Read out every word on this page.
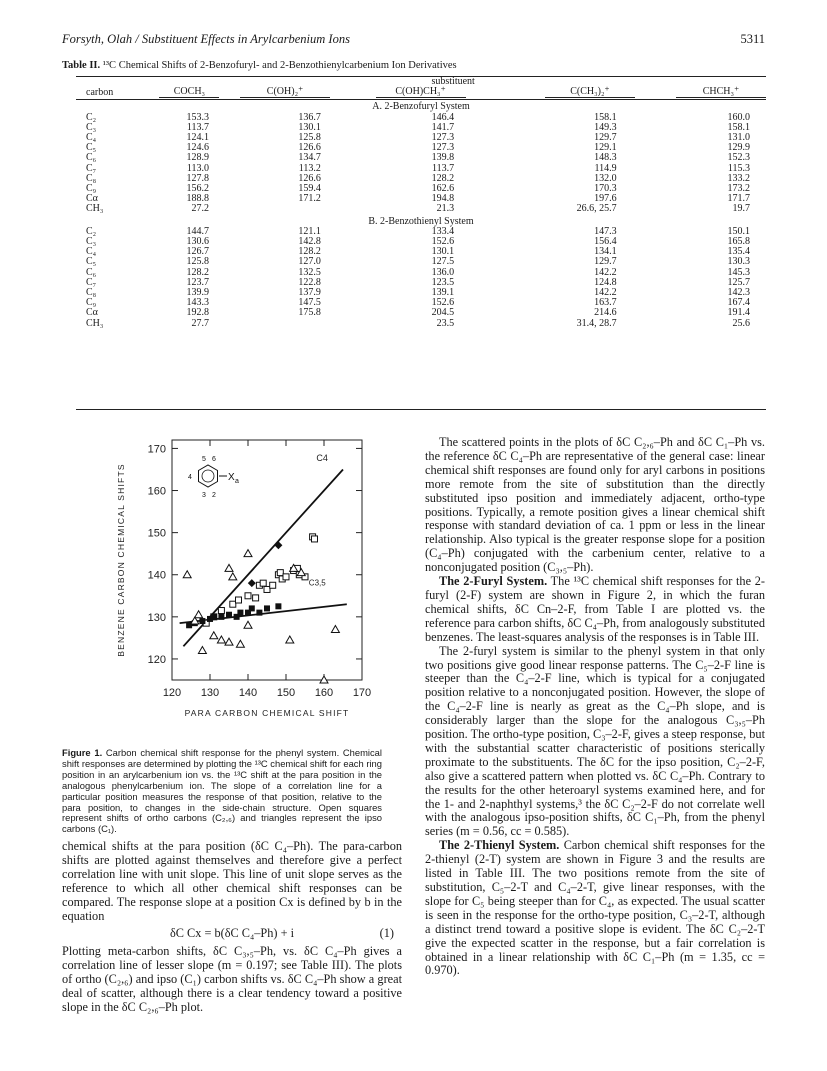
Forsyth, Olah / Substituent Effects in Arylcarbenium Ions	5311
Table II. ¹³C Chemical Shifts of 2-Benzofuryl- and 2-Benzothienylcarbenium Ion Derivatives
	substituent
carbon		COCH₃	C(OH)₂⁺	C(OH)CH₃⁺	C(CH₃)₂⁺	CHCH₃⁺

A. 2-Benzofuryl System
C₂	153.3	136.7	146.4	158.1	160.0
C₃	113.7	130.1	141.7	149.3	158.1
C₄	124.1	125.8	127.3	129.7	131.0
C₅	124.6	126.6	127.3	129.1	129.9
C₆	128.9	134.7	139.8	148.3	152.3
C₇	113.0	113.2	113.7	114.9	115.3
C₈	127.8	126.6	128.2	132.0	133.2
C₉	156.2	159.4	162.6	170.3	173.2
Cα	188.8	171.2	194.8	197.6	171.7
CH₃	27.2		21.3	26.6, 25.7	19.7
B. 2-Benzothienyl System
C₂	144.7	121.1	133.4	147.3	150.1
C₃	130.6	142.8	152.6	156.4	165.8
C₄	126.7	128.2	130.1	134.1	135.4
C₅	125.8	127.0	127.5	129.7	130.3
C₆	128.2	132.5	136.0	142.2	145.3
C₇	123.7	122.8	123.5	124.8	125.7
C₈	139.9	137.9	139.1	142.2	142.3
C₉	143.3	147.5	152.6	163.7	167.4
Cα	192.8	175.8	204.5	214.6	191.4
CH₃	27.7		23.5	31.4, 28.7	25.6
120 130 140 150 160 170
120
130
140
150
160
170
PARA CARBON CHEMICAL SHIFT
BENZENE CARBON CHEMICAL SHIFTS
C4
C3,5
5 6
4
3 2
X a
Figure 1. Carbon chemical shift response for the phenyl system. Chemical shift responses are determined by plotting the ¹³C chemical shift for each ring position in an arylcarbenium ion vs. the ¹³C shift at the para position in the analogous phenylcarbenium ion. The slope of a correlation line for a particular position measures the response of that position, relative to the para position, to changes in the side-chain structure. Open squares represent shifts of ortho carbons (C₂,₆) and triangles represent the ipso carbons (C₁).

chemical shifts at the para position (δC C₄–Ph). The para-carbon shifts are plotted against themselves and therefore give a perfect correlation line with unit slope. This line of unit slope serves as the reference to which all other chemical shift responses can be compared. The response slope at a position Cx is defined by b in the equation

δC Cx = b(δC C₄–Ph) + i	(1)

Plotting meta-carbon shifts, δC C₃,₅–Ph, vs. δC C₄–Ph gives a correlation line of lesser slope (m = 0.197; see Table III). The plots of ortho (C₂,₆) and ipso (C₁) carbon shifts vs. δC C₄–Ph show a great deal of scatter, although there is a clear tendency toward a positive slope in the δC C₂,₆–Ph plot.

The scattered points in the plots of δC C₂,₆–Ph and δC C₁–Ph vs. the reference δC C₄–Ph are representative of the general case: linear chemical shift responses are found only for aryl carbons in positions more remote from the site of substitution than the directly substituted ipso position and immediately adjacent, ortho-type positions. Typically, a remote position gives a linear chemical shift response with standard deviation of ca. 1 ppm or less in the linear relationship. Also typical is the greater response slope for a position (C₄–Ph) conjugated with the carbenium center, relative to a nonconjugated position (C₃,₅–Ph).

The 2-Furyl System. The ¹³C chemical shift responses for the 2-furyl (2-F) system are shown in Figure 2, in which the furan chemical shifts, δC Cn–2-F, from Table I are plotted vs. the reference para carbon shifts, δC C₄–Ph, from analogously substituted benzenes. The least-squares analysis of the responses is in Table III.

The 2-furyl system is similar to the phenyl system in that only two positions give good linear response patterns. The C₅–2-F line is steeper than the C₄–2-F line, which is typical for a conjugated position relative to a nonconjugated position. However, the slope of the C₄–2-F line is nearly as great as the C₄–Ph slope, and is considerably larger than the slope for the analogous C₃,₅–Ph position. The ortho-type position, C₃–2-F, gives a steep response, but with the substantial scatter characteristic of positions sterically proximate to the substituents. The δC for the ipso position, C₂–2-F, also give a scattered pattern when plotted vs. δC C₄–Ph. Contrary to the results for the other heteroaryl systems examined here, and for the 1- and 2-naphthyl systems,³ the δC C₂–2-F do not correlate well with the analogous ipso-position shifts, δC C₁–Ph, from the phenyl series (m = 0.56, cc = 0.585).

The 2-Thienyl System. Carbon chemical shift responses for the 2-thienyl (2-T) system are shown in Figure 3 and the results are listed in Table III. The two positions remote from the site of substitution, C₅–2-T and C₄–2-T, give linear responses, with the slope for C₅ being steeper than for C₄, as expected. The usual scatter is seen in the response for the ortho-type position, C₃–2-T, although a distinct trend toward a positive slope is evident. The δC C₂–2-T give the expected scatter in the response, but a fair correlation is obtained in a linear relationship with δC C₁–Ph (m = 1.35, cc = 0.970).
